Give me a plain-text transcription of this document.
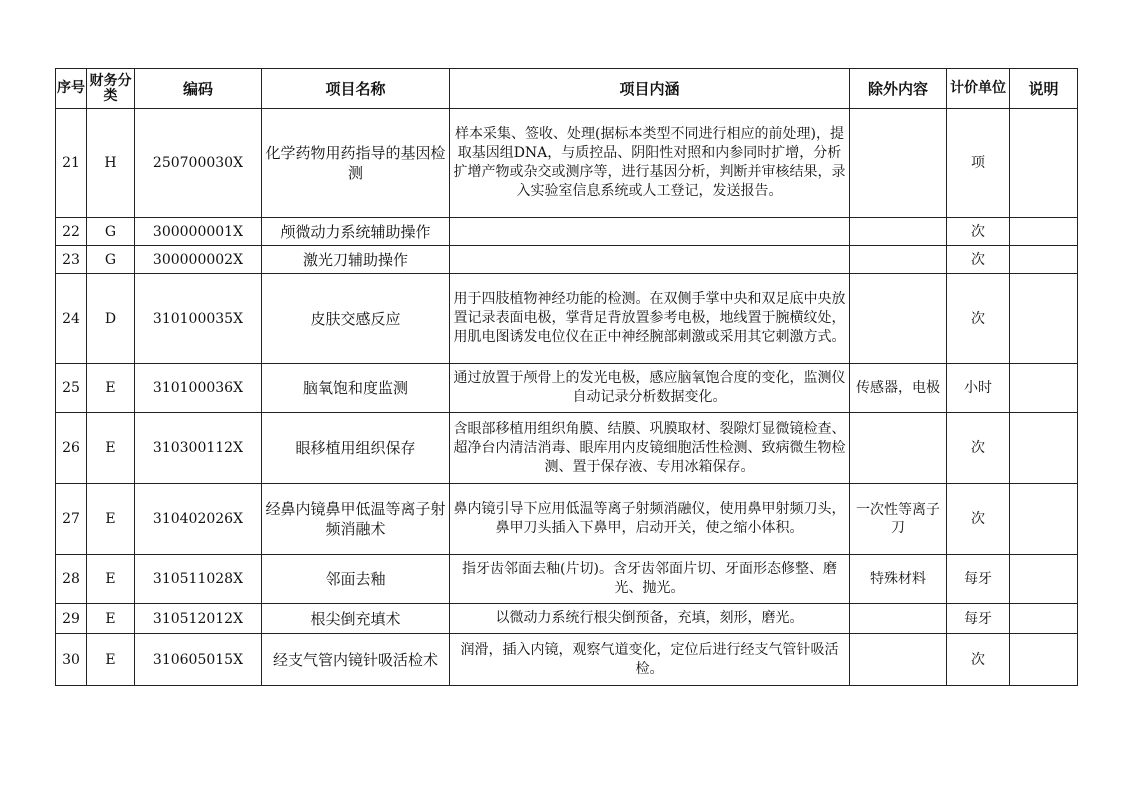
序号	财务分类	编码	项目名称	项目内涵	除外内容	计价单位	说明
21	H	250700030X	化学药物用药指导的基因检测	样本采集、签收、处理(据标本类型不同进行相应的前处理)，提取基因组DNA，与质控品、阴阳性对照和内参同时扩增，分析扩增产物或杂交或测序等，进行基因分析，判断并审核结果，录入实验室信息系统或人工登记，发送报告。		项	
22	G	300000001X	颅微动力系统辅助操作			次	
23	G	300000002X	激光刀辅助操作			次	
24	D	310100035X	皮肤交感反应	用于四肢植物神经功能的检测。在双侧手掌中央和双足底中央放置记录表面电极，掌背足背放置参考电极，地线置于腕横纹处，用肌电图诱发电位仪在正中神经腕部刺激或采用其它刺激方式。		次	
25	E	310100036X	脑氧饱和度监测	通过放置于颅骨上的发光电极，感应脑氧饱合度的变化，监测仪自动记录分析数据变化。	传感器，电极	小时	
26	E	310300112X	眼移植用组织保存	含眼部移植用组织角膜、结膜、巩膜取材、裂隙灯显微镜检查、超净台内清洁消毒、眼库用内皮镜细胞活性检测、致病微生物检测、置于保存液、专用冰箱保存。		次	
27	E	310402026X	经鼻内镜鼻甲低温等离子射频消融术	鼻内镜引导下应用低温等离子射频消融仪，使用鼻甲射频刀头，鼻甲刀头插入下鼻甲，启动开关，使之缩小体积。	一次性等离子刀	次	
28	E	310511028X	邻面去釉	指牙齿邻面去釉(片切)。含牙齿邻面片切、牙面形态修整、磨光、抛光。	特殊材料	每牙	
29	E	310512012X	根尖倒充填术	以微动力系统行根尖倒预备，充填，刻形，磨光。		每牙	
30	E	310605015X	经支气管内镜针吸活检术	润滑，插入内镜，观察气道变化，定位后进行经支气管针吸活检。		次	
